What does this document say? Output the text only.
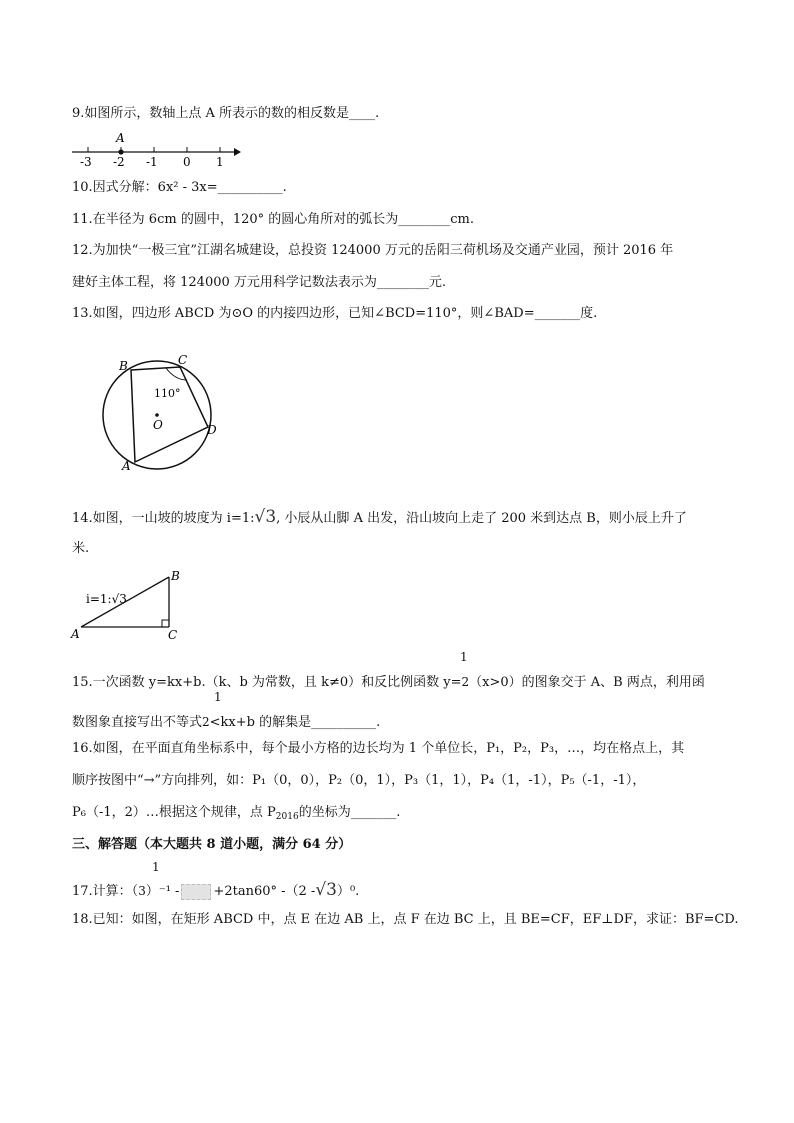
9.如图所示，数轴上点 A 所表示的数的相反数是____.
A
-3 -2 -1 0 1
10.因式分解：6x² - 3x=__________.
11.在半径为 6cm 的圆中，120° 的圆心角所对的弧长为________cm.
12.为加快“一极三宜”江湖名城建设，总投资 124000 万元的岳阳三荷机场及交通产业园，预计 2016 年
建好主体工程，将 124000 万元用科学记数法表示为________元.
13.如图，四边形 ABCD 为⊙O 的内接四边形，已知∠BCD=110°，则∠BAD=_______度.
B	C
D
A
O
110°
14.如图，一山坡的坡度为 i=1:√3, 小辰从山脚 A 出发，沿山坡向上走了 200 米到达点 B，则小辰上升了
米.
i=1:√3
A
B
C
1
15.一次函数 y=kx+b.（k、b 为常数，且 k≠0）和反比例函数 y=2（x>0）的图象交于 A、B 两点，利用函
1
数图象直接写出不等式2<kx+b 的解集是__________.
16.如图，在平面直角坐标系中，每个最小方格的边长均为 1 个单位长，P₁，P₂，P₃，…，均在格点上，其
顺序按图中“→”方向排列，如：P₁（0，0），P₂（0，1），P₃（1，1），P₄（1，-1），P₅（-1，-1），
P₆（-1，2）…根据这个规律，点 $P_{2016}$的坐标为_______.
三、解答题（本大题共 8 道小题，满分 64 分）
1
17.计算：（3）⁻¹ -	+2tan60° -（2 -√3）⁰.
18.已知：如图，在矩形 ABCD 中，点 E 在边 AB 上，点 F 在边 BC 上，且 BE=CF，EF⊥DF，求证：BF=CD.
